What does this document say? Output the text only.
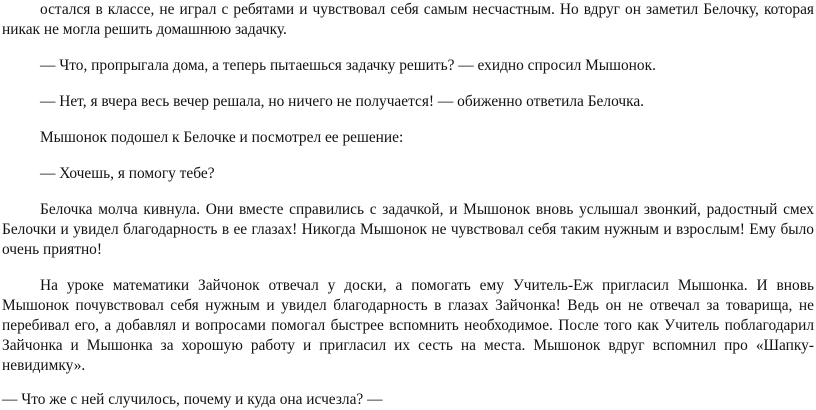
остался в классе, не играл с ребятами и чувствовал себя самым несчастным. Но вдруг он заметил Белочку, которая никак не могла решить домашнюю задачку.

— Что, пропрыгала дома, а теперь пытаешься задачку решить? — ехидно спросил Мышонок.

— Нет, я вчера весь вечер решала, но ничего не получается! — обиженно ответила Белочка.

Мышонок подошел к Белочке и посмотрел ее решение:

— Хочешь, я помогу тебе?

Белочка молча кивнула. Они вместе справились с задачкой, и Мышонок вновь услышал звонкий, радостный смех Белочки и увидел благодарность в ее глазах! Никогда Мышонок не чувствовал себя таким нужным и взрослым! Ему было очень приятно!

На уроке математики Зайчонок отвечал у доски, а помогать ему Учитель-Еж пригласил Мышонка. И вновь Мышонок почувствовал себя нужным и увидел благодарность в глазах Зайчонка! Ведь он не отвечал за товарища, не перебивал его, а добавлял и вопросами помогал быстрее вспомнить необходимое. После того как Учитель поблагодарил Зайчонка и Мышонка за хорошую работу и пригласил их сесть на места. Мышонок вдруг вспомнил про «Шапку-невидимку».

— Что же с ней случилось, почему и куда она исчезла? —
